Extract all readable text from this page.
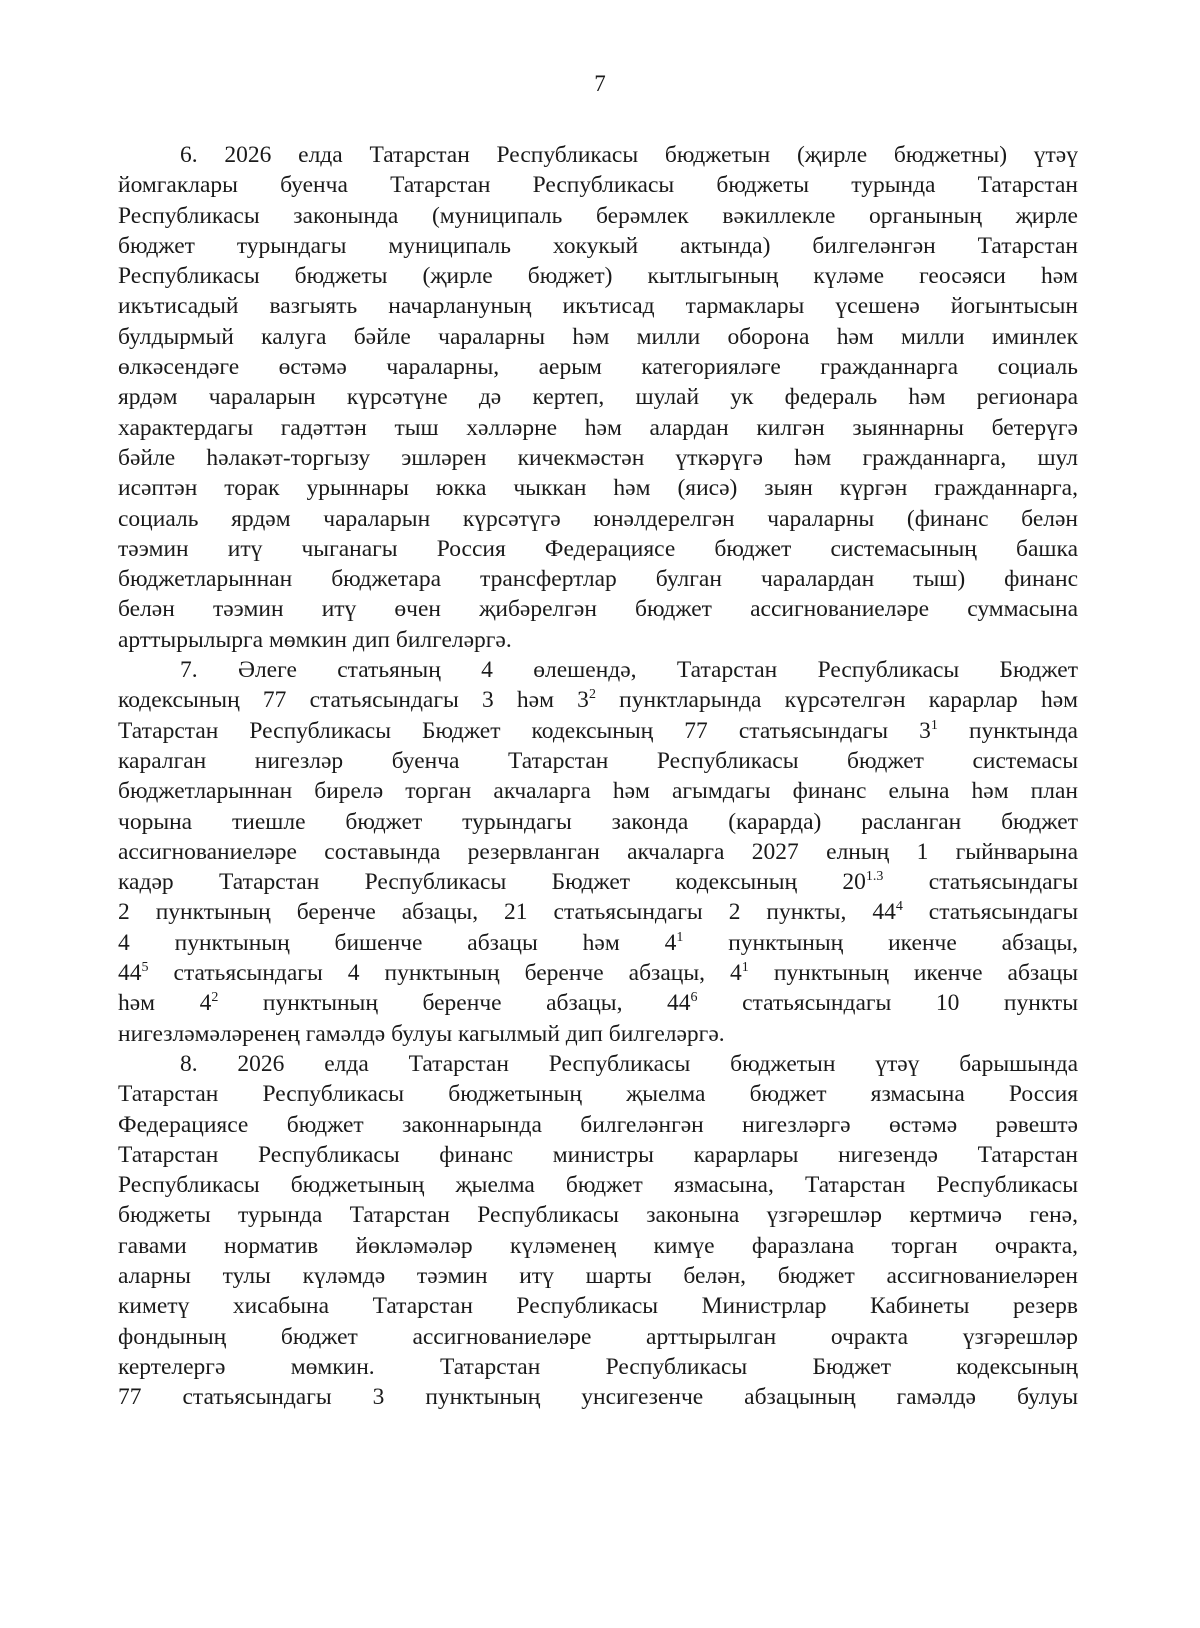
7
6. 2026 елда Татарстан Республикасы бюджетын (җирле бюджетны) үтәү
йомгаклары буенча Татарстан Республикасы бюджеты турында Татарстан
Республикасы законында (муниципаль берәмлек вәкиллекле органының җирле
бюджет турындагы муниципаль хокукый актында) билгеләнгән Татарстан
Республикасы бюджеты (җирле бюджет) кытлыгының күләме геосәяси һәм
икътисадый вазгыять начарлануның икътисад тармаклары үсешенә йогынтысын
булдырмый калуга бәйле чараларны һәм милли оборона һәм милли иминлек
өлкәсендәге өстәмә чараларны, аерым категорияләге гражданнарга социаль
ярдәм чараларын күрсәтүне дә кертеп, шулай ук федераль һәм регионара
характердагы гадәттән тыш хәлләрне һәм алардан килгән зыяннарны бетерүгә
бәйле һәлакәт-торгызу эшләрен кичекмәстән үткәрүгә һәм гражданнарга, шул
исәптән торак урыннары юкка чыккан һәм (яисә) зыян күргән гражданнарга,
социаль ярдәм чараларын күрсәтүгә юнәлдерелгән чараларны (финанс белән
тәэмин итү чыганагы Россия Федерациясе бюджет системасының башка
бюджетларыннан бюджетара трансфертлар булган чаралардан тыш) финанс
белән тәэмин итү өчен җибәрелгән бюджет ассигнованиеләре суммасына
арттырылырга мөмкин дип билгеләргә.
7. Әлеге статьяның 4 өлешендә, Татарстан Республикасы Бюджет
кодексының 77 статьясындагы 3 һәм $3^2$ пунктларында күрсәтелгән карарлар һәм
Татарстан Республикасы Бюджет кодексының 77 статьясындагы $3^1$ пунктында
каралган нигезләр буенча Татарстан Республикасы бюджет системасы
бюджетларыннан бирелә торган акчаларга һәм агымдагы финанс елына һәм план
чорына тиешле бюджет турындагы законда (карарда) расланган бюджет
ассигнованиеләре составында резервланган акчаларга 2027 елның 1 гыйнварына
кадәр Татарстан Республикасы Бюджет кодексының $20^{1.3}$ статьясындагы
2 пунктының беренче абзацы, 21 статьясындагы 2 пункты, $44^4$ статьясындагы
4 пунктының бишенче абзацы һәм $4^1$ пунктының икенче абзацы,
$44^5$ статьясындагы 4 пунктының беренче абзацы, $4^1$ пунктының икенче абзацы
һәм $4^2$ пунктының беренче абзацы, $44^6$ статьясындагы 10 пункты
нигезләмәләренең гамәлдә булуы кагылмый дип билгеләргә.
8. 2026 елда Татарстан Республикасы бюджетын үтәү барышында
Татарстан Республикасы бюджетының җыелма бюджет язмасына Россия
Федерациясе бюджет законнарында билгеләнгән нигезләргә өстәмә рәвештә
Татарстан Республикасы финанс министры карарлары нигезендә Татарстан
Республикасы бюджетының җыелма бюджет язмасына, Татарстан Республикасы
бюджеты турында Татарстан Республикасы законына үзгәрешләр кертмичә генә,
гавами норматив йөкләмәләр күләменең кимүе фаразлана торган очракта,
аларны тулы күләмдә тәэмин итү шарты белән, бюджет ассигнованиеләрен
киметү хисабына Татарстан Республикасы Министрлар Кабинеты резерв
фондының бюджет ассигнованиеләре арттырылган очракта үзгәрешләр
кертелергә мөмкин. Татарстан Республикасы Бюджет кодексының
77 статьясындагы 3 пунктының унсигезенче абзацының гамәлдә булуы
